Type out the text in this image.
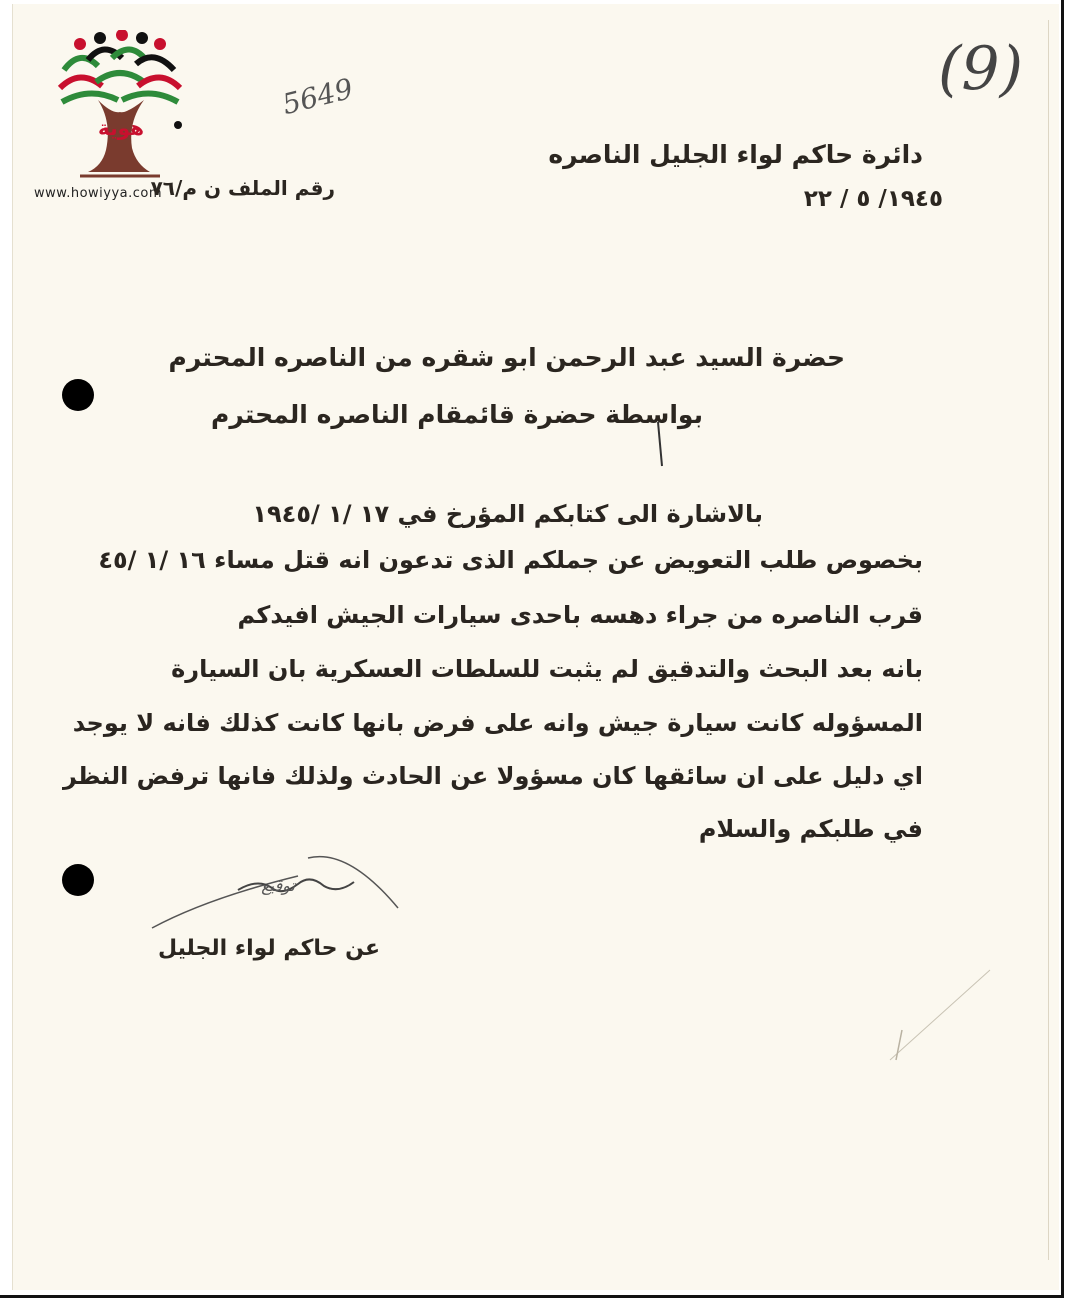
هوية
www.howiyya.com
5649	(9)
دائرة حاكم لواء الجليل الناصره
١٩٤٥/ ٥ / ٢٢
رقم الملف ن م/٧٦
حضرة السيد عبد الرحمن ابو شقره من الناصره المحترم
بواسطة حضرة قائمقام الناصره المحترم
بالاشارة الى كتابكم المؤرخ في ١٧ /١ /١٩٤٥
بخصوص طلب التعويض عن جملكم الذى تدعون انه قتل مساء ١٦ /١ /٤٥
قرب الناصره من جراء دهسه باحدى سيارات الجيش افيدكم
بانه بعد البحث والتدقيق لم يثبت للسلطات العسكرية بان السيارة
المسؤوله كانت سيارة جيش وانه على فرض بانها كانت كذلك فانه لا يوجد
اي دليل على ان سائقها كان مسؤولا عن الحادث ولذلك فانها ترفض النظر
في طلبكم والسلام
توقيع
عن حاكم لواء الجليل
